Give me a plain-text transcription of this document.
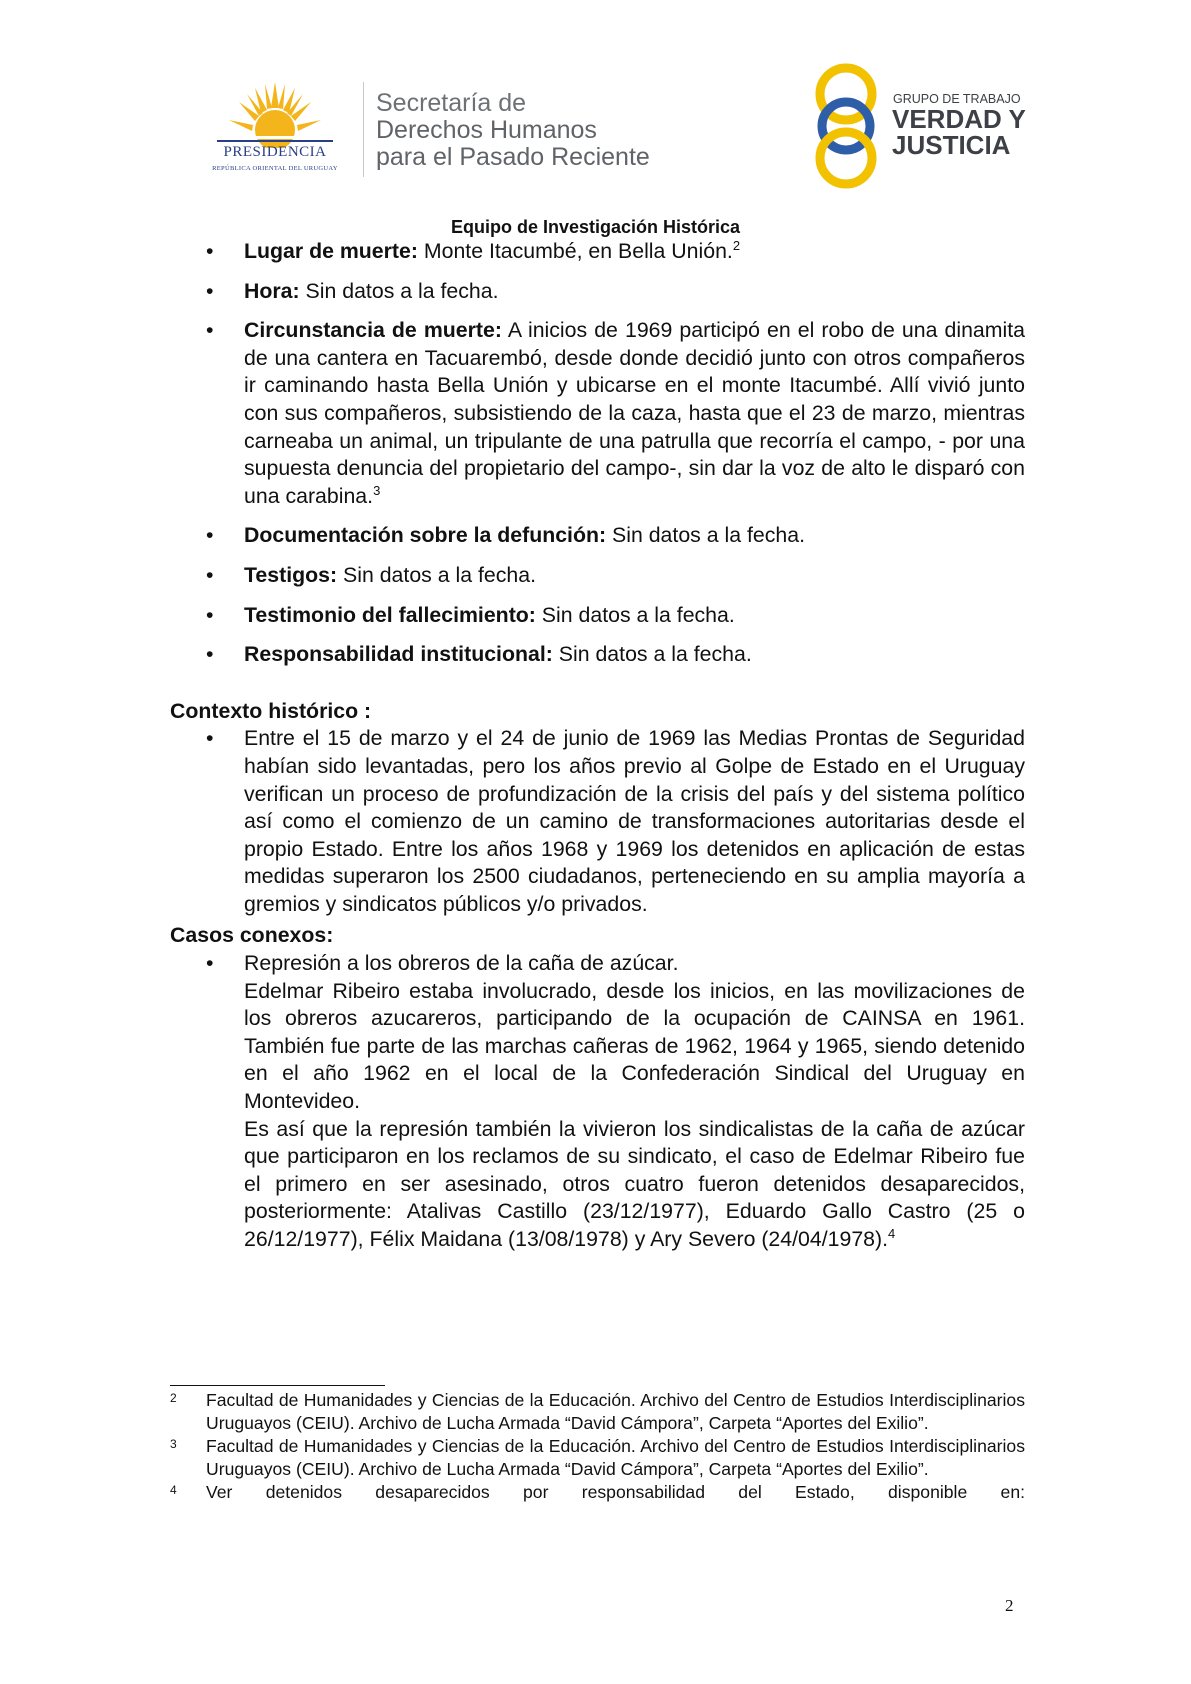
PRESIDENCIA
REPÚBLICA ORIENTAL DEL URUGUAY
Secretaría de
Derechos Humanos
para el Pasado Reciente
GRUPO DE TRABAJO
VERDAD Y
JUSTICIA
Equipo de Investigación Histórica
• Lugar de muerte: Monte Itacumbé, en Bella Unión.$^2$
• Hora: Sin datos a la fecha.
• Circunstancia de muerte: A inicios de 1969 participó en el robo de una dinamita de una cantera en Tacuarembó, desde donde decidió junto con otros compañeros ir caminando hasta Bella Unión y ubicarse en el monte Itacumbé. Allí vivió junto con sus compañeros, subsistiendo de la caza, hasta que el 23 de marzo, mientras carneaba un animal, un tripulante de una patrulla que recorría el campo, - por una supuesta denuncia del propietario del campo-, sin dar la voz de alto le disparó con una carabina.$^3$
• Documentación sobre la defunción: Sin datos a la fecha.
• Testigos: Sin datos a la fecha.
• Testimonio del fallecimiento: Sin datos a la fecha.
• Responsabilidad institucional: Sin datos a la fecha.
Contexto histórico :
• Entre el 15 de marzo y el 24 de junio de 1969 las Medias Prontas de Seguridad habían sido levantadas, pero los años previo al Golpe de Estado en el Uruguay verifican un proceso de profundización de la crisis del país y del sistema político así como el comienzo de un camino de transformaciones autoritarias desde el propio Estado. Entre los años 1968 y 1969 los detenidos en aplicación de estas medidas superaron los 2500 ciudadanos, perteneciendo en su amplia mayoría a gremios y sindicatos públicos y/o privados.
Casos conexos:
• Represión a los obreros de la caña de azúcar.
Edelmar Ribeiro estaba involucrado, desde los inicios, en las movilizaciones de los obreros azucareros, participando de la ocupación de CAINSA en 1961. También fue parte de las marchas cañeras de 1962, 1964 y 1965, siendo detenido en el año 1962 en el local de la Confederación Sindical del Uruguay en Montevideo.
Es así que la represión también la vivieron los sindicalistas de la caña de azúcar que participaron en los reclamos de su sindicato, el caso de Edelmar Ribeiro fue el primero en ser asesinado, otros cuatro fueron detenidos desaparecidos, posteriormente: Atalivas Castillo (23/12/1977), Eduardo Gallo Castro (25 o 26/12/1977), Félix Maidana (13/08/1978) y Ary Severo (24/04/1978).$^4$
2 Facultad de Humanidades y Ciencias de la Educación. Archivo del Centro de Estudios Interdisciplinarios Uruguayos (CEIU). Archivo de Lucha Armada “David Cámpora”, Carpeta “Aportes del Exilio”.
3 Facultad de Humanidades y Ciencias de la Educación. Archivo del Centro de Estudios Interdisciplinarios Uruguayos (CEIU). Archivo de Lucha Armada “David Cámpora”, Carpeta “Aportes del Exilio”.
4 Ver detenidos desaparecidos por responsabilidad del Estado, disponible en:
2
